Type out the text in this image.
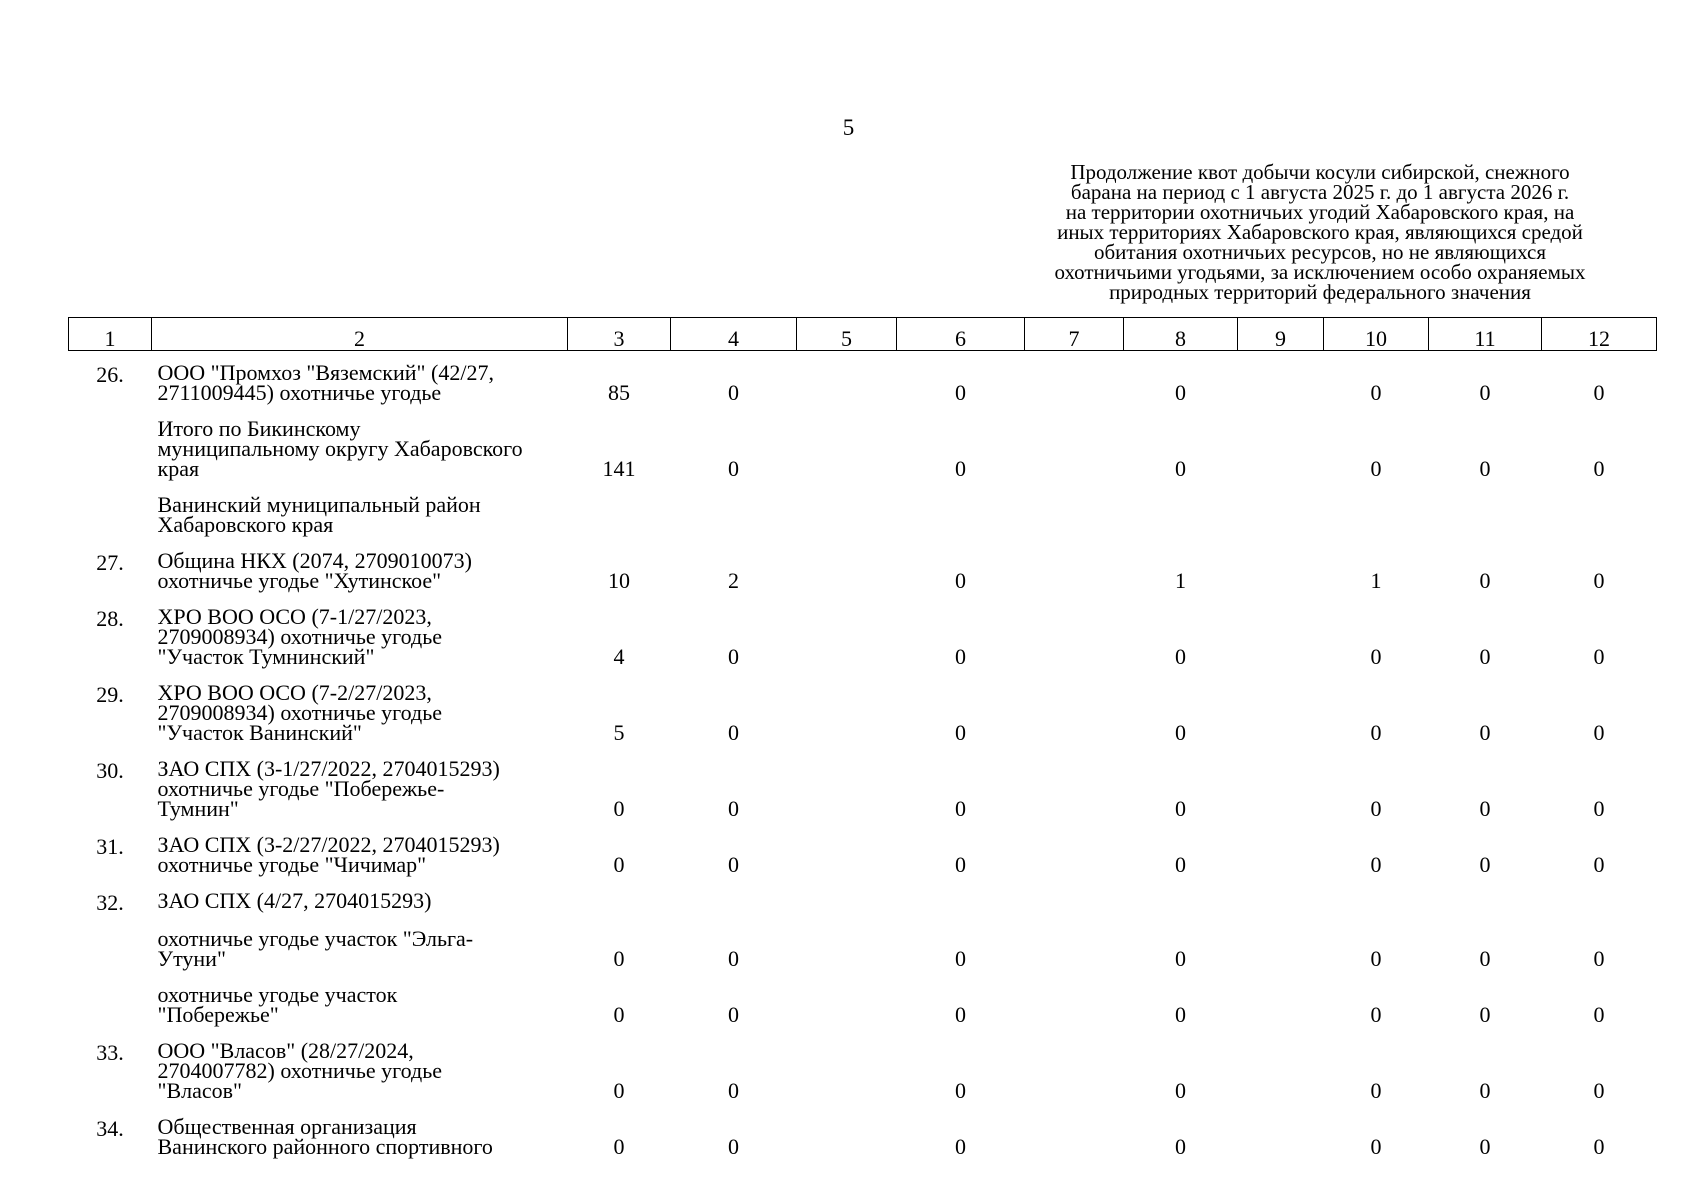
5
Продолжение квот добычи косули сибирской, снежного
барана на период с 1 августа 2025 г. до 1 августа 2026 г.
на территории охотничьих угодий Хабаровского края, на
иных территориях Хабаровского края, являющихся средой
обитания охотничьих ресурсов, но не являющихся
охотничьими угодьями, за исключением особо охраняемых
природных территорий федерального значения
1	2	3	4	5	6	7	8	9	10	11	12
26.	ООО "Промхоз "Вяземский" (42/27,
2711009445) охотничье угодье	85	0		0		0		0	0	0

	Итого по Бикинскому
муниципальному округу Хабаровского
края	141	0		0		0		0	0	0

	Ванинский муниципальный район
Хабаровского края										

27.	Община НКХ (2074, 2709010073)
охотничье угодье "Хутинское"	10	2		0		1		1	0	0
28.	ХРО ВОО ОСО (7-1/27/2023,
2709008934) охотничье угодье
"Участок Тумнинский"	4	0		0		0		0	0	0
29.	ХРО ВОО ОСО (7-2/27/2023,
2709008934) охотничье угодье
"Участок Ванинский"	5	0		0		0		0	0	0
30.	ЗАО СПХ (3-1/27/2022, 2704015293)
охотничье угодье "Побережье-
Тумнин"	0	0		0		0		0	0	0
31.	ЗАО СПХ (3-2/27/2022, 2704015293)
охотничье угодье "Чичимар"	0	0		0		0		0	0	0
32.	ЗАО СПХ (4/27, 2704015293)										

	охотничье угодье участок "Эльга-
Утуни"	0	0		0		0		0	0	0

	охотничье угодье участок
"Побережье"	0	0		0		0		0	0	0
33.	ООО "Власов" (28/27/2024,
2704007782) охотничье угодье
"Власов"	0	0		0		0		0	0	0
34.	Общественная организация
Ванинского районного спортивного	0	0		0		0		0	0	0
